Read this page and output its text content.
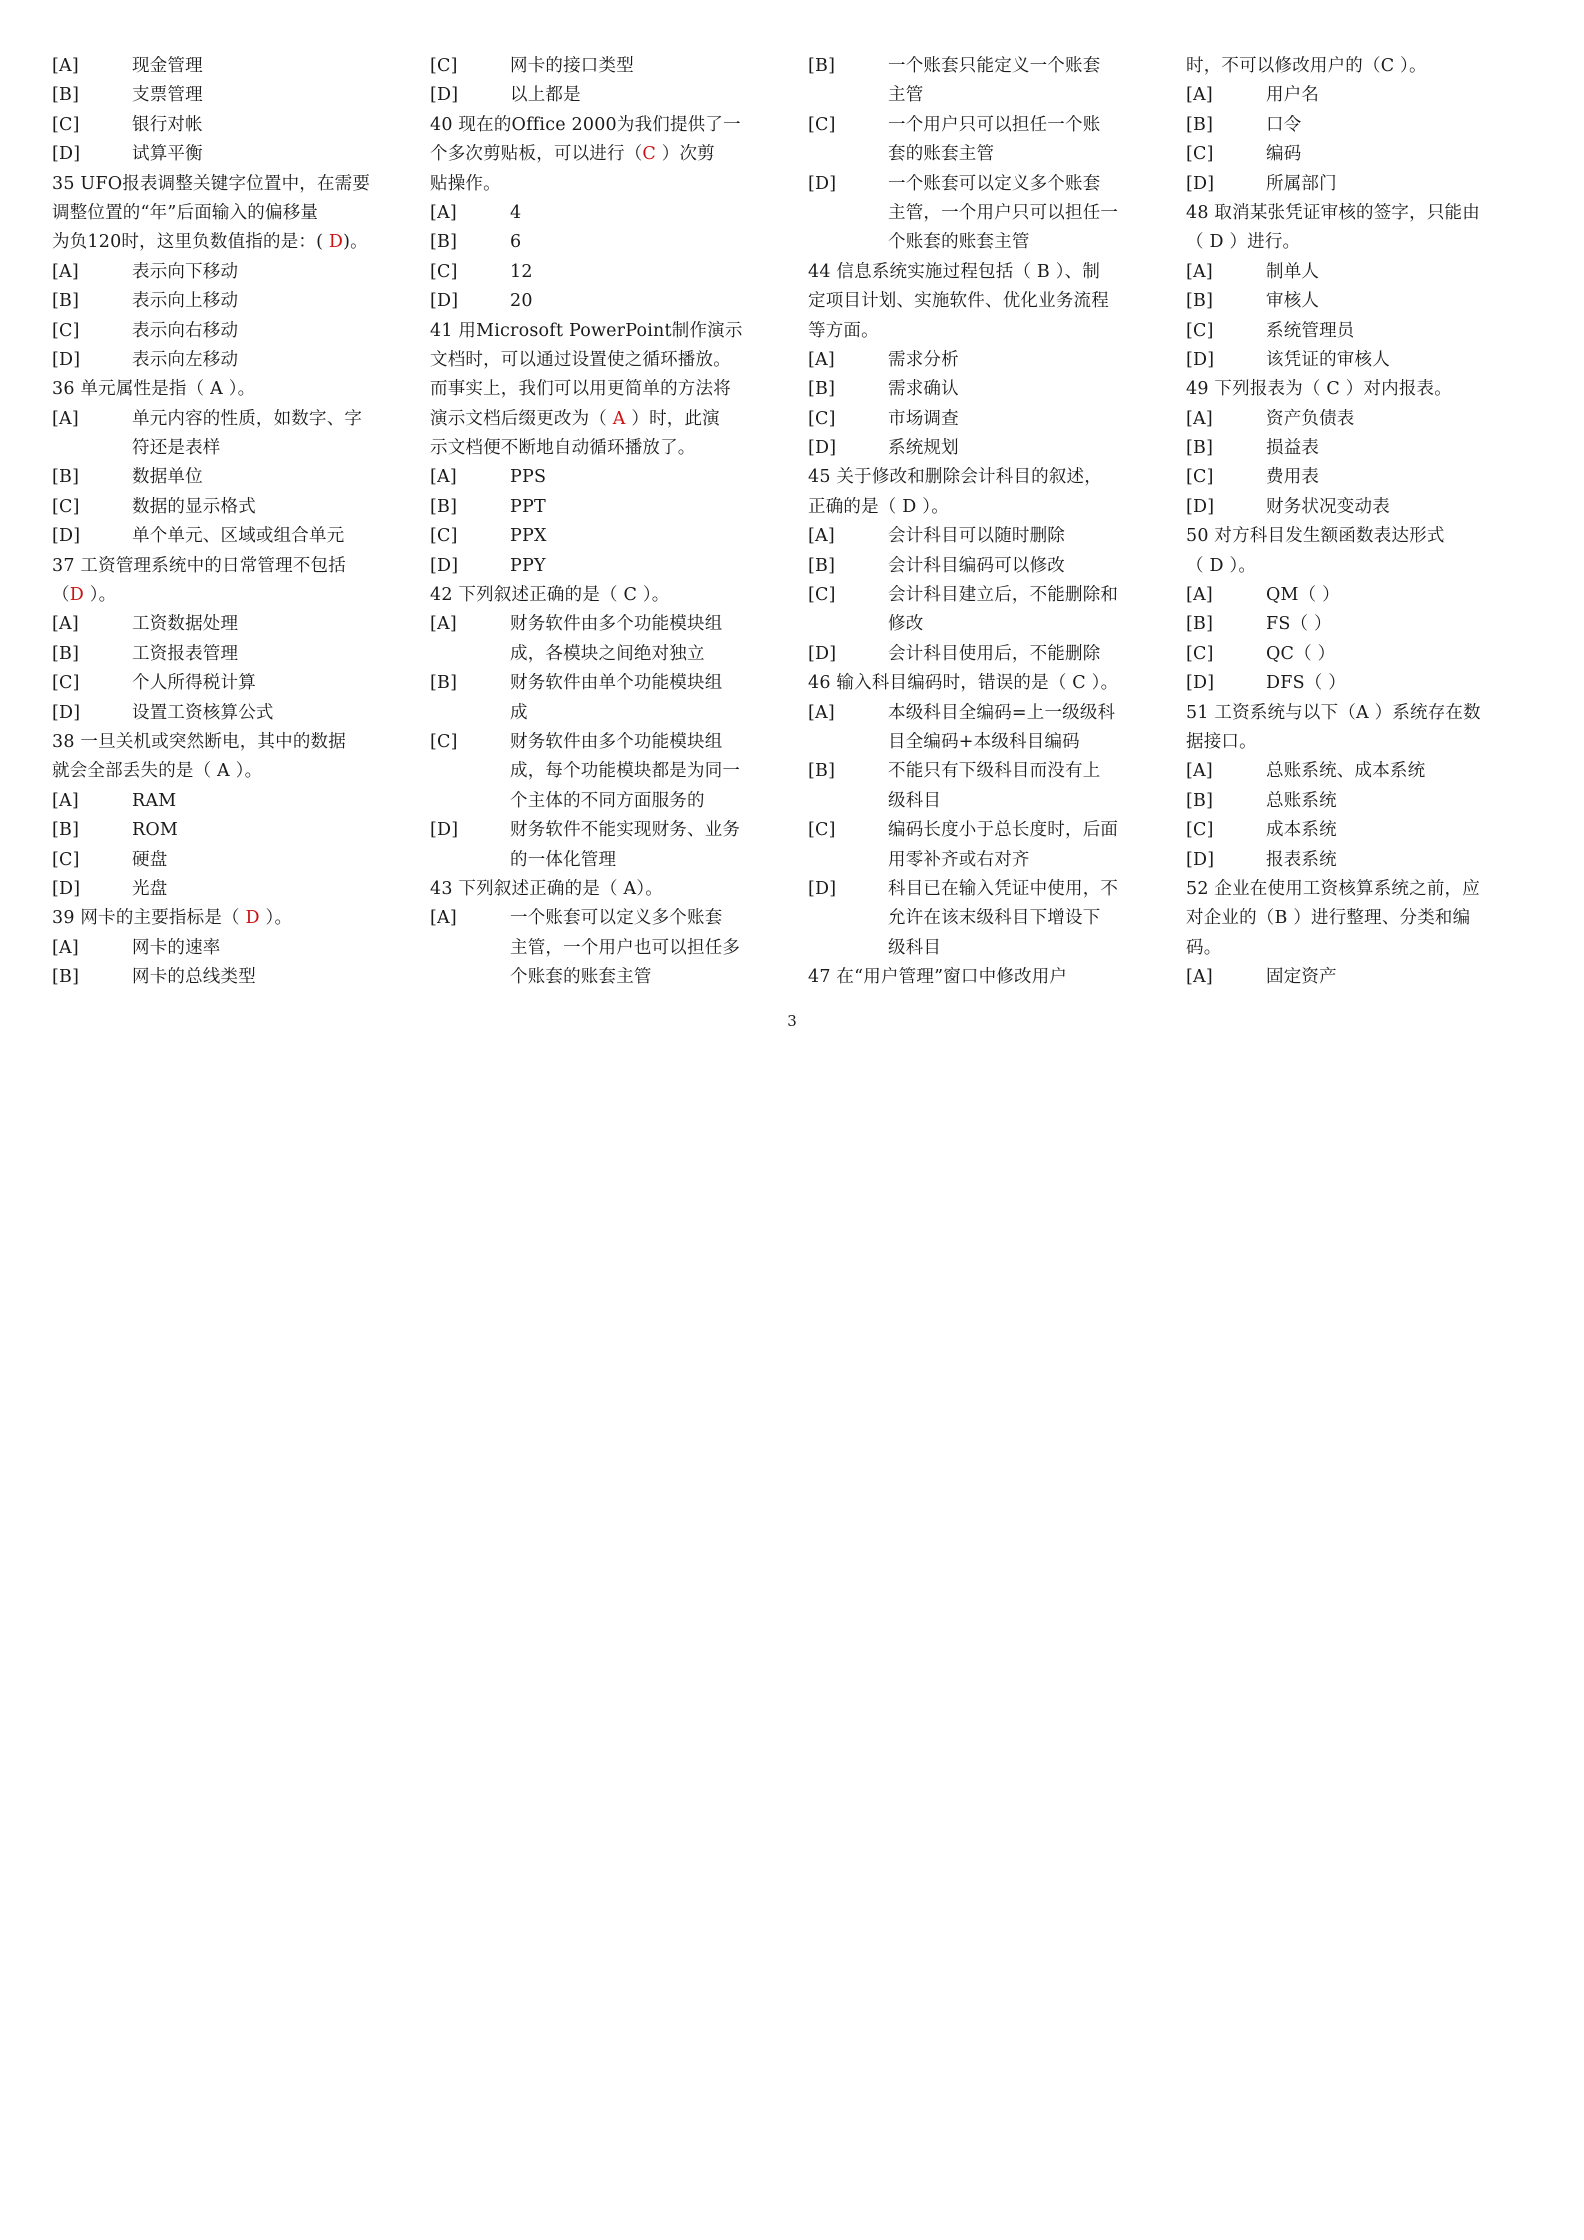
[A]	现金管理
[B]	支票管理
[C]	银行对帐
[D]	试算平衡
35 UFO报表调整关键字位置中，在需要
调整位置的“年”后面输入的偏移量
为负120时，这里负数值指的是：( D)。
[A]	表示向下移动
[B]	表示向上移动
[C]	表示向右移动
[D]	表示向左移动
36 单元属性是指（ A ）。
[A]	单元内容的性质，如数字、字
符还是表样
[B]	数据单位
[C]	数据的显示格式
[D]	单个单元、区域或组合单元
37 工资管理系统中的日常管理不包括
（D ）。
[A]	工资数据处理
[B]	工资报表管理
[C]	个人所得税计算
[D]	设置工资核算公式
38 一旦关机或突然断电，其中的数据
就会全部丢失的是（ A ）。
[A]	RAM
[B]	ROM
[C]	硬盘
[D]	光盘
39 网卡的主要指标是（ D ）。
[A]	网卡的速率
[B]	网卡的总线类型
[C]	网卡的接口类型
[D]	以上都是
40 现在的Office 2000为我们提供了一
个多次剪贴板，可以进行（C ）次剪
贴操作。
[A]	4
[B]	6
[C]	12
[D]	20
41 用Microsoft PowerPoint制作演示
文档时，可以通过设置使之循环播放。
而事实上，我们可以用更简单的方法将
演示文档后缀更改为（ A ）时，此演
示文档便不断地自动循环播放了。
[A]	PPS
[B]	PPT
[C]	PPX
[D]	PPY
42 下列叙述正确的是（ C ）。
[A]	财务软件由多个功能模块组
成，各模块之间绝对独立
[B]	财务软件由单个功能模块组
成
[C]	财务软件由多个功能模块组
成，每个功能模块都是为同一
个主体的不同方面服务的
[D]	财务软件不能实现财务、业务
的一体化管理
43 下列叙述正确的是（ A）。
[A]	一个账套可以定义多个账套
主管，一个用户也可以担任多
个账套的账套主管
[B]	一个账套只能定义一个账套
主管
[C]	一个用户只可以担任一个账
套的账套主管
[D]	一个账套可以定义多个账套
主管，一个用户只可以担任一
个账套的账套主管
44 信息系统实施过程包括（ B ）、制
定项目计划、实施软件、优化业务流程
等方面。
[A]	需求分析
[B]	需求确认
[C]	市场调查
[D]	系统规划
45 关于修改和删除会计科目的叙述，
正确的是（ D ）。
[A]	会计科目可以随时删除
[B]	会计科目编码可以修改
[C]	会计科目建立后，不能删除和
修改
[D]	会计科目使用后，不能删除
46 输入科目编码时，错误的是（ C ）。
[A]	本级科目全编码=上一级级科
目全编码+本级科目编码
[B]	不能只有下级科目而没有上
级科目
[C]	编码长度小于总长度时，后面
用零补齐或右对齐
[D]	科目已在输入凭证中使用，不
允许在该末级科目下增设下
级科目
47 在“用户管理”窗口中修改用户
时，不可以修改用户的（C ）。
[A]	用户名
[B]	口令
[C]	编码
[D]	所属部门
48 取消某张凭证审核的签字，只能由
（ D ）进行。
[A]	制单人
[B]	审核人
[C]	系统管理员
[D]	该凭证的审核人
49 下列报表为（ C ）对内报表。
[A]	资产负债表
[B]	损益表
[C]	费用表
[D]	财务状况变动表
50 对方科目发生额函数表达形式
（ D ）。
[A]	QM（ ）
[B]	FS（ ）
[C]	QC（ ）
[D]	DFS（ ）
51 工资系统与以下（A ）系统存在数
据接口。
[A]	总账系统、成本系统
[B]	总账系统
[C]	成本系统
[D]	报表系统
52 企业在使用工资核算系统之前，应
对企业的（B ）进行整理、分类和编
码。
[A]	固定资产
3
